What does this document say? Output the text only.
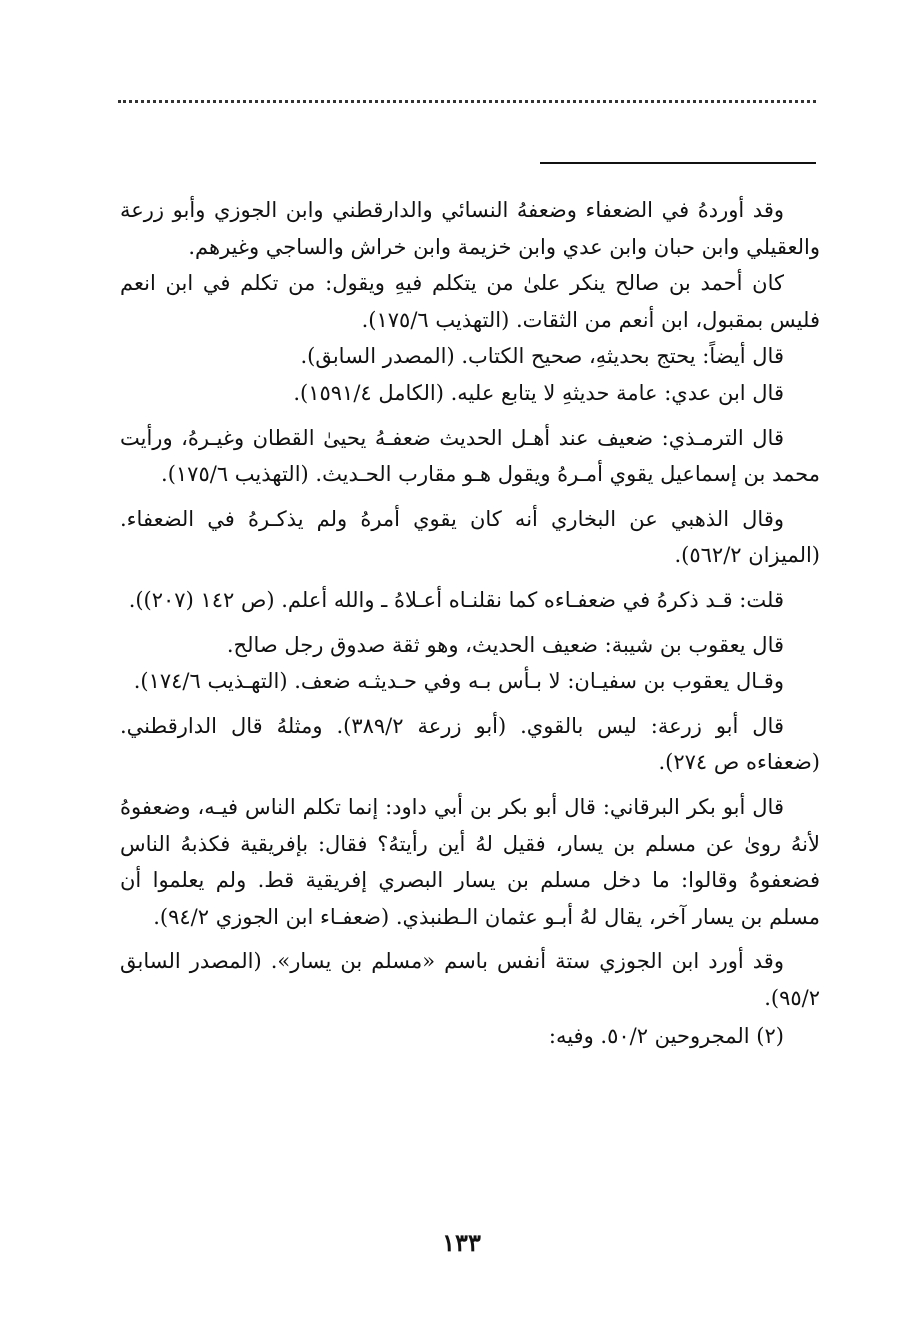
وقد أوردهُ في الضعفاء وضعفهُ النسائي والدارقطني وابن الجوزي وأبو زرعة والعقيلي وابن حبان وابن عدي وابن خزيمة وابن خراش والساجي وغيرهم.

كان أحمد بن صالح ينكر علىٰ من يتكلم فيهِ ويقول: من تكلم في ابن انعم فليس بمقبول، ابن أنعم من الثقات. (التهذيب ١٧٥/٦).

قال أيضاً: يحتج بحديثهِ، صحيح الكتاب. (المصدر السابق).

قال ابن عدي: عامة حديثهِ لا يتابع عليه. (الكامل ١٥٩١/٤).

قال الترمـذي: ضعيف عند أهـل الحديث ضعفـهُ يحيىٰ القطان وغيـرهُ، ورأيت محمد بن إسماعيل يقوي أمـرهُ ويقول هـو مقارب الحـديث. (التهذيب ١٧٥/٦).

وقال الذهبي عن البخاري أنه كان يقوي أمرهُ ولم يذكـرهُ في الضعفاء. (الميزان ٥٦٢/٢).

قلت: قـد ذكرهُ في ضعفـاءه كما نقلنـاه أعـلاهُ ـ والله أعلم. (ص ١٤٢ (٢٠٧)).

قال يعقوب بن شيبة: ضعيف الحديث، وهو ثقة صدوق رجل صالح.

وقـال يعقوب بن سفيـان: لا بـأس بـه وفي حـديثـه ضعف. (التهـذيب ١٧٤/٦).

قال أبو زرعة: ليس بالقوي. (أبو زرعة ٣٨٩/٢). ومثلهُ قال الدارقطني. (ضعفاءه ص ٢٧٤).

قال أبو بكر البرقاني: قال أبو بكر بن أبي داود: إنما تكلم الناس فيـه، وضعفوهُ لأنهُ روىٰ عن مسلم بن يسار، فقيل لهُ أين رأيتهُ؟ فقال: بإفريقية فكذبهُ الناس فضعفوهُ وقالوا: ما دخل مسلم بن يسار البصري إفريقية قط. ولم يعلموا أن مسلم بن يسار آخر، يقال لهُ أبـو عثمان الـطنبذي. (ضعفـاء ابن الجوزي ٩٤/٢).

وقد أورد ابن الجوزي ستة أنفس باسم «مسلم بن يسار». (المصدر السابق ٩٥/٢).

(٢) المجروحين ٥٠/٢. وفيه:

١٣٣
